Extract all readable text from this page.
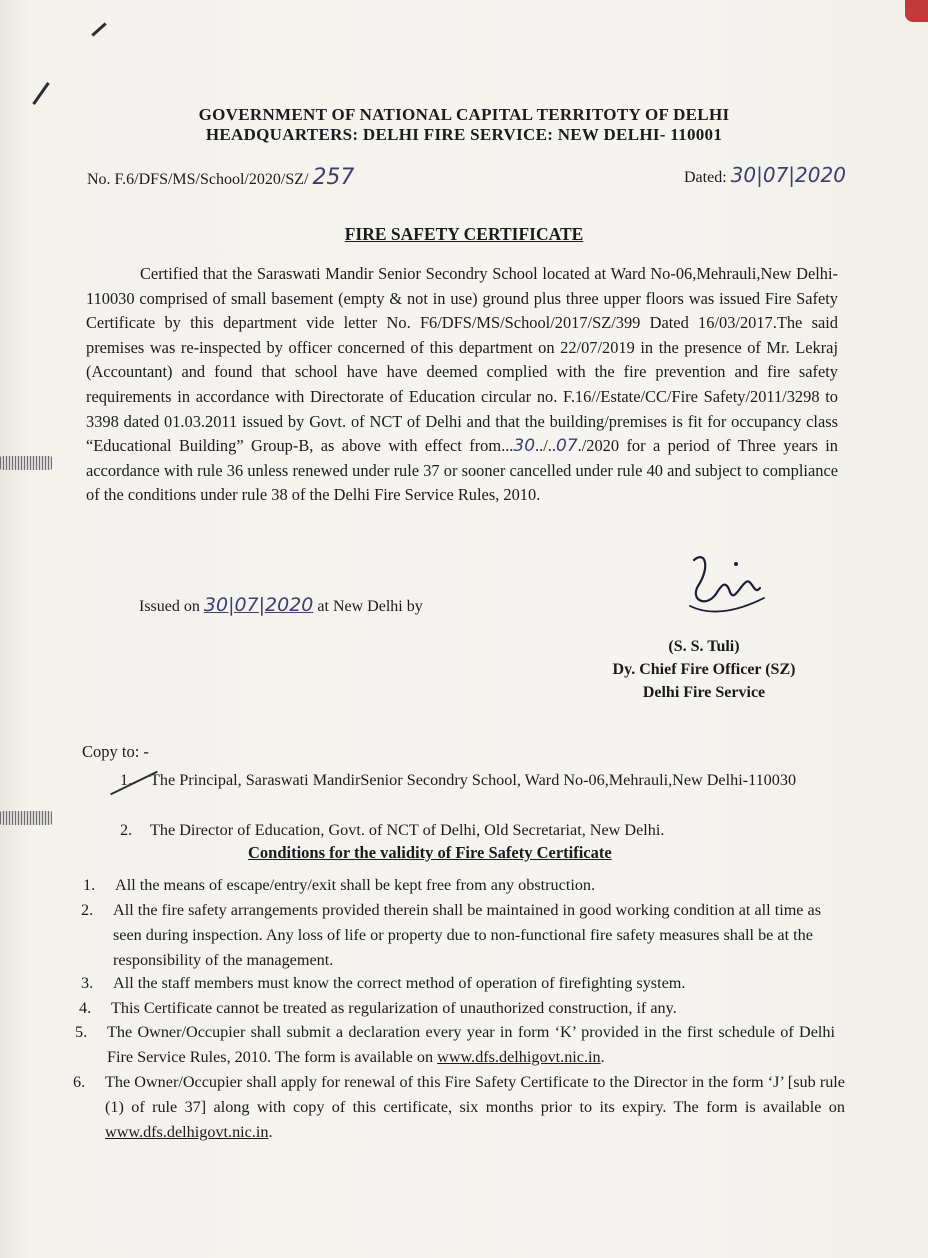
GOVERNMENT OF NATIONAL CAPITAL TERRITOTY OF DELHI
HEADQUARTERS: DELHI FIRE SERVICE: NEW DELHI- 110001
No. F.6/DFS/MS/School/2020/SZ/ 257	Dated: 30|07|2020
FIRE SAFETY CERTIFICATE

Certified that the Saraswati Mandir Senior Secondry School located at Ward No-06,Mehrauli,New Delhi-110030 comprised of small basement (empty & not in use) ground plus three upper floors was issued Fire Safety Certificate by this department vide letter No. F6/DFS/MS/School/2017/SZ/399 Dated 16/03/2017.The said premises was re-inspected by officer concerned of this department on 22/07/2019 in the presence of Mr. Lekraj (Accountant) and found that school have have deemed complied with the fire prevention and fire safety requirements in accordance with Directorate of Education circular no. F.16//Estate/CC/Fire Safety/2011/3298 to 3398 dated 01.03.2011 issued by Govt. of NCT of Delhi and that the building/premises is fit for occupancy class “Educational Building” Group-B, as above with effect from...30../..07./2020 for a period of Three years in accordance with rule 36 unless renewed under rule 37 or sooner cancelled under rule 40 and subject to compliance of the conditions under rule 38 of the Delhi Fire Service Rules, 2010.

Issued on 30|07|2020 at New Delhi by
(S. S. Tuli)
Dy. Chief Fire Officer (SZ)
Delhi Fire Service
Copy to: -
1. The Principal, Saraswati MandirSenior Secondry School, Ward No-06,Mehrauli,New Delhi-110030
2. The Director of Education, Govt. of NCT of Delhi, Old Secretariat, New Delhi.
Conditions for the validity of Fire Safety Certificate
1. All the means of escape/entry/exit shall be kept free from any obstruction.
2. All the fire safety arrangements provided therein shall be maintained in good working condition at all time as seen during inspection. Any loss of life or property due to non-functional fire safety measures shall be at the responsibility of the management.
3. All the staff members must know the correct method of operation of firefighting system.
4. This Certificate cannot be treated as regularization of unauthorized construction, if any.
5. The Owner/Occupier shall submit a declaration every year in form ‘K’ provided in the first schedule of Delhi Fire Service Rules, 2010. The form is available on www.dfs.delhigovt.nic.in.
6. The Owner/Occupier shall apply for renewal of this Fire Safety Certificate to the Director in the form ‘J’ [sub rule (1) of rule 37] along with copy of this certificate, six months prior to its expiry. The form is available on www.dfs.delhigovt.nic.in.
